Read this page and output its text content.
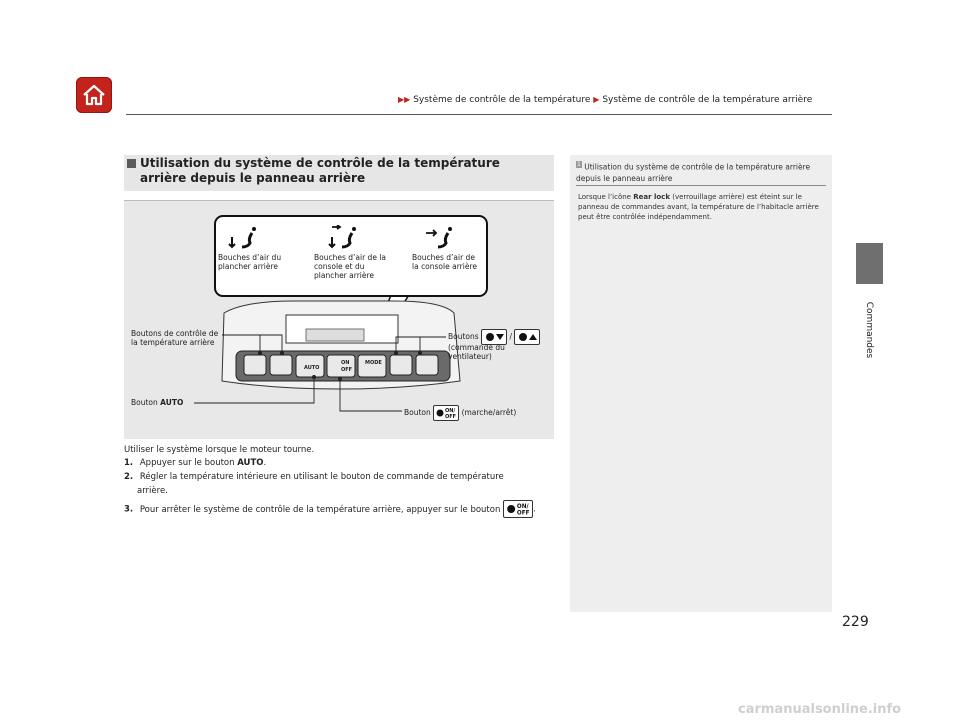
▶▶ Système de contrôle de la température ▶ Système de contrôle de la température arrière
Commandes
Utilisation du système de contrôle de la température arrière depuis le panneau arrière
AUTO
ON
OFF
MODE
Bouches d’air du plancher arrière
Bouches d’air de la console et du plancher arrière
Bouches d’air de la console arrière
Boutons de contrôle de la température arrière
Boutons	/
(commande du ventilateur)
Bouton AUTO
Bouton	ON/
OFF (marche/arrêt)
Utiliser le système lorsque le moteur tourne.
1. Appuyer sur le bouton AUTO.
2. Régler la température intérieure en utilisant le bouton de commande de température
arrière.
3. Pour arrêter le système de contrôle de la température arrière, appuyer sur le bouton	ON/
OFF .
$^1$ Utilisation du système de contrôle de la température arrière depuis le panneau arrière
Lorsque l’icône Rear lock (verrouillage arrière) est éteint sur le panneau de commandes avant, la température de l’habitacle arrière peut être contrôlée indépendamment.
229
carmanualsonline.info
